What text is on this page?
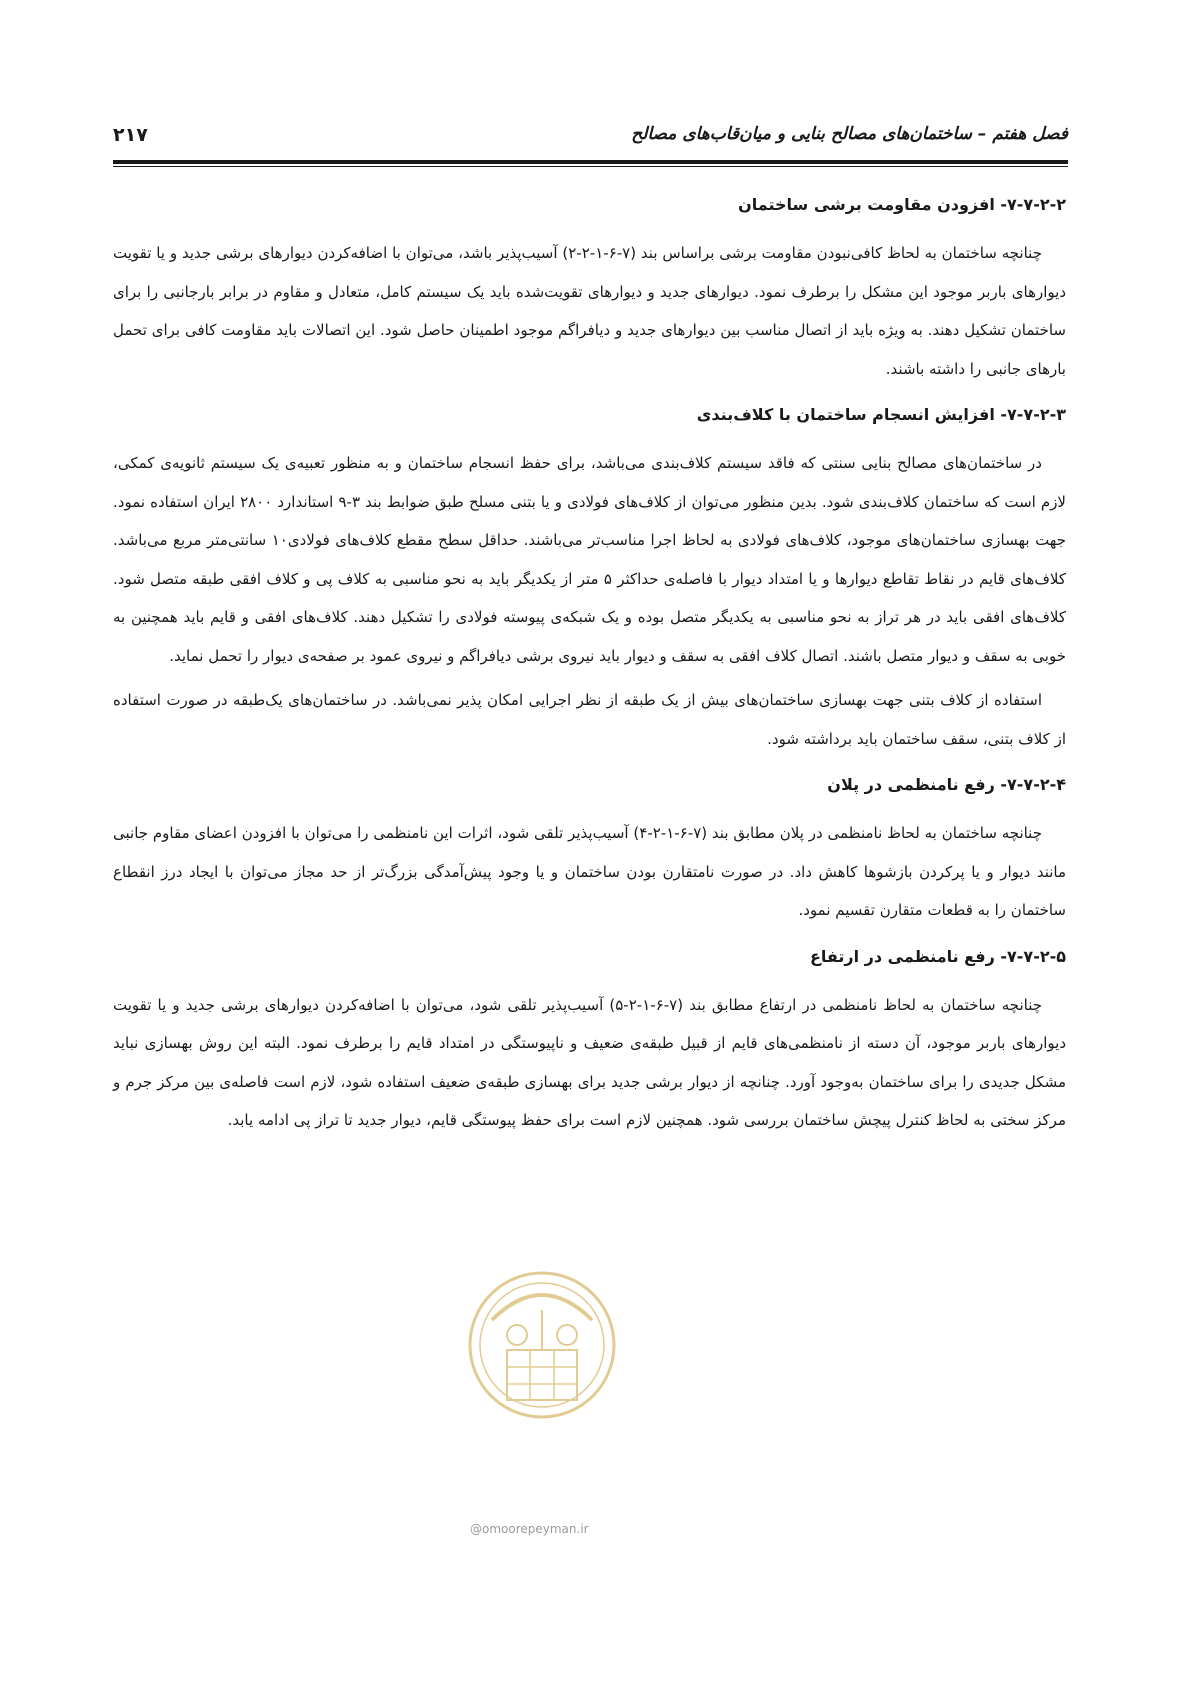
فصل هفتم – ساختمان‌های مصالح بنایی و میان‌قاب‌های مصالح
۲۱۷
۷-۷-۲-۲- افزودن مقاومت برشی ساختمان

چنانچه ساختمان به لحاظ کافی‌نبودن مقاومت برشی براساس بند (۷-۶-۱-۲-۲) آسیب‌پذیر باشد، می‌توان با اضافه‌کردن دیوارهای برشی جدید و یا تقویت دیوارهای باربر موجود این مشکل را برطرف نمود. دیوارهای جدید و دیوارهای تقویت‌شده باید یک سیستم کامل، متعادل و مقاوم در برابر بارجانبی را برای ساختمان تشکیل دهند. به ویژه باید از اتصال مناسب بین دیوارهای جدید و دیافراگم موجود اطمینان حاصل شود. این اتصالات باید مقاومت کافی برای تحمل بارهای جانبی را داشته باشند.

۷-۷-۲-۳- افزایش انسجام ساختمان با کلاف‌بندی

در ساختمان‌های مصالح بنایی سنتی که فاقد سیستم کلاف‌بندی می‌باشد، برای حفظ انسجام ساختمان و به منظور تعبیه‌ی یک سیستم ثانویه‌ی کمکی، لازم است که ساختمان کلاف‌بندی شود. بدین منظور می‌توان از کلاف‌های فولادی و یا بتنی مسلح طبق ضوابط بند ۳-۹ استاندارد ۲۸۰۰ ایران استفاده نمود. جهت بهسازی ساختمان‌های موجود، کلاف‌های فولادی به لحاظ اجرا مناسب‌تر می‌باشند. حداقل سطح مقطع کلاف‌های فولادی۱۰ سانتی‌متر مربع می‌باشد. کلاف‌های قایم در نقاط تقاطع دیوارها و یا امتداد دیوار با فاصله‌ی حداکثر ۵ متر از یکدیگر باید به نحو مناسبی به کلاف پی و کلاف افقی طبقه متصل شود. کلاف‌های افقی باید در هر تراز به نحو مناسبی به یکدیگر متصل بوده و یک شبکه‌ی پیوسته فولادی را تشکیل دهند. کلاف‌های افقی و قایم باید همچنین به خوبی به سقف و دیوار متصل باشند. اتصال کلاف افقی به سقف و دیوار باید نیروی برشی دیافراگم و نیروی عمود بر صفحه‌ی دیوار را تحمل نماید.

استفاده از کلاف بتنی جهت بهسازی ساختمان‌های بیش از یک طبقه از نظر اجرایی امکان پذیر نمی‌باشد. در ساختمان‌های یک‌طبقه در صورت استفاده از کلاف بتنی، سقف ساختمان باید برداشته شود.

۷-۷-۲-۴- رفع نامنظمی در پلان

چنانچه ساختمان به لحاظ نامنظمی در پلان مطابق بند (۷-۶-۱-۲-۴) آسیب‌پذیر تلقی شود، اثرات این نامنظمی را می‌توان با افزودن اعضای مقاوم جانبی مانند دیوار و یا پرکردن بازشوها کاهش داد. در صورت نامتقارن بودن ساختمان و یا وجود پیش‌آمدگی بزرگ‌تر از حد مجاز می‌توان با ایجاد درز انقطاع ساختمان را به قطعات متقارن تقسیم نمود.

۷-۷-۲-۵- رفع نامنظمی در ارتفاع

چنانچه ساختمان به لحاظ نامنظمی در ارتفاع مطابق بند (۷-۶-۱-۲-۵) آسیب‌پذیر تلقی شود، می‌توان با اضافه‌کردن دیوارهای برشی جدید و یا تقویت دیوارهای باربر موجود، آن دسته از نامنظمی‌های قایم از قبیل طبقه‌ی ضعیف و ناپیوستگی در امتداد قایم را برطرف نمود. البته این روش بهسازی نباید مشکل جدیدی را برای ساختمان به‌وجود آورد. چنانچه از دیوار برشی جدید برای بهسازی طبقه‌ی ضعیف استفاده شود، لازم است فاصله‌ی بین مرکز جرم و مرکز سختی به لحاظ کنترل پیچش ساختمان بررسی شود. همچنین لازم است برای حفظ پیوستگی قایم، دیوار جدید تا تراز پی ادامه یابد.

@omoorepeyman.ir
